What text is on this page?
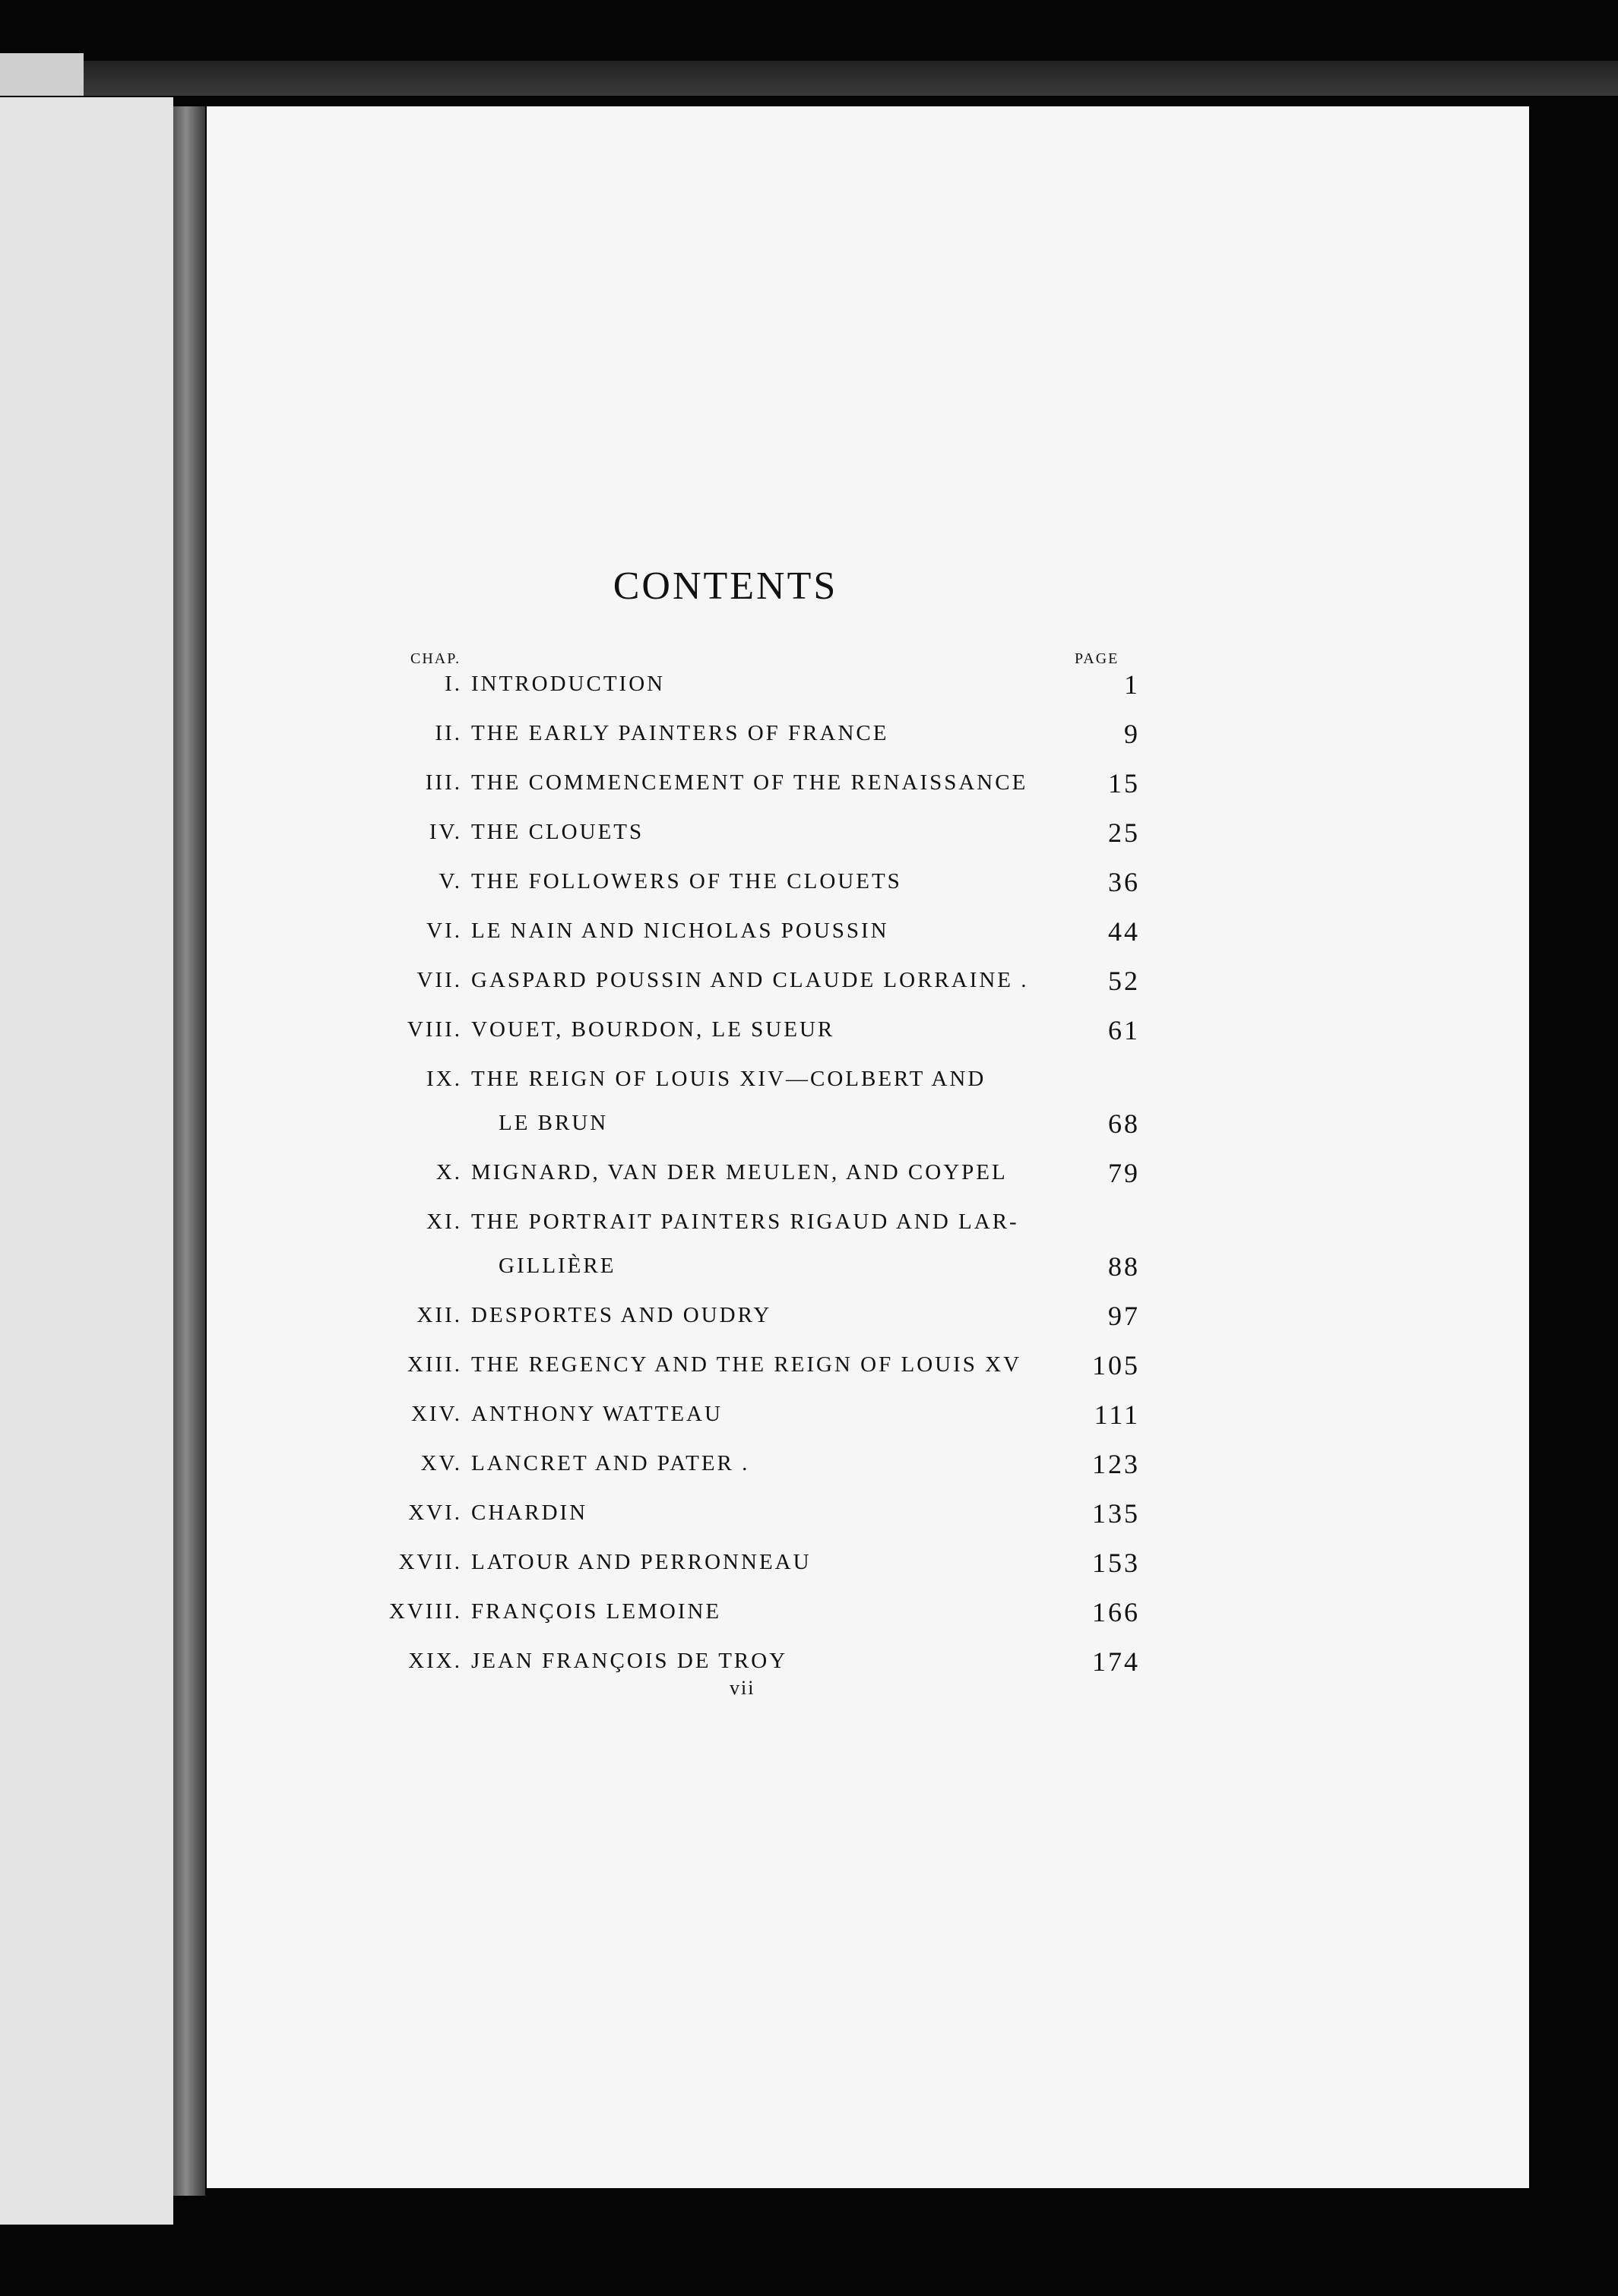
CONTENTS
CHAP.	PAGE
I. INTRODUCTION	1
II. THE EARLY PAINTERS OF FRANCE	9
III. THE COMMENCEMENT OF THE RENAISSANCE	15
IV. THE CLOUETS	25
V. THE FOLLOWERS OF THE CLOUETS	36
VI. LE NAIN AND NICHOLAS POUSSIN	44
VII. GASPARD POUSSIN AND CLAUDE LORRAINE .	52
VIII. VOUET, BOURDON, LE SUEUR	61
IX. THE REIGN OF LOUIS XIV—COLBERT AND
LE BRUN	68
X. MIGNARD, VAN DER MEULEN, AND COYPEL	79
XI. THE PORTRAIT PAINTERS RIGAUD AND LAR-
GILLIÈRE	88
XII. DESPORTES AND OUDRY	97
XIII. THE REGENCY AND THE REIGN OF LOUIS XV	105
XIV. ANTHONY WATTEAU	111
XV. LANCRET AND PATER .	123
XVI. CHARDIN	135
XVII. LATOUR AND PERRONNEAU	153
XVIII. FRANÇOIS LEMOINE	166
XIX. JEAN FRANÇOIS DE TROY	174
vii
